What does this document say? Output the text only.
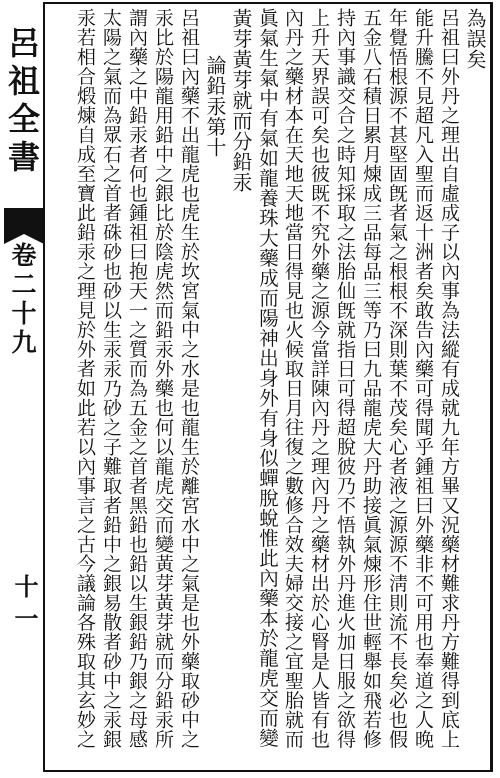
呂祖全書
卷二十九
十一
為誤矣
呂祖曰外丹之理出自虛成子以內事為法縱有成就九年方畢又況藥材難求丹方難得到底上
能升騰不見超凡入聖而返十洲者矣敢告內藥可得聞乎鍾祖曰外藥非不可用也奉道之人晚
年覺悟根源不甚堅固旣者氣之根根不深則葉不茂矣心者液之源源不淸則流不長矣必也假
五金八石積日累月煉成三品每品三等乃曰九品龍虎大丹助接眞氣煉形住世輕舉如飛若修
持內事識交合之時知採取之法胎仙旣就指日可得超脫彼乃不悟執外丹進火加日服之欲得
上升天界誤可矣也彼既不究外藥之源今當詳陳內丹之理內丹之藥材出於心腎是人皆有也
內丹之藥材本在天地天地當日得見也火候取日月往復之數修合效夫婦交接之宜聖胎就而
眞氣生氣中有氣如龍養珠大藥成而陽神出身外有身似蟬脫蛻惟此內藥本於龍虎交而變
黃芽黃芽就而分鉛汞
論鉛汞第十
呂祖曰內藥不出龍虎也虎生於坎宮氣中之水是也龍生於離宮水中之氣是也外藥取砂中之
汞比於陽龍用鉛中之銀比於陰虎然而鉛汞外藥也何以龍虎交而變黃芽黃芽就而分鉛汞所
謂內藥之中鉛汞者何也鍾祖曰抱天一之質而為五金之首者黑鉛也鉛以生銀鉛乃銀之母感
太陽之氣而為眾石之首者硃砂也砂以生汞汞乃砂之子難取者鉛中之銀易散者砂中之汞銀
汞若相合煅煉自成至寶此鉛汞之理見於外者如此若以內事言之古今議論各殊取其玄妙之
